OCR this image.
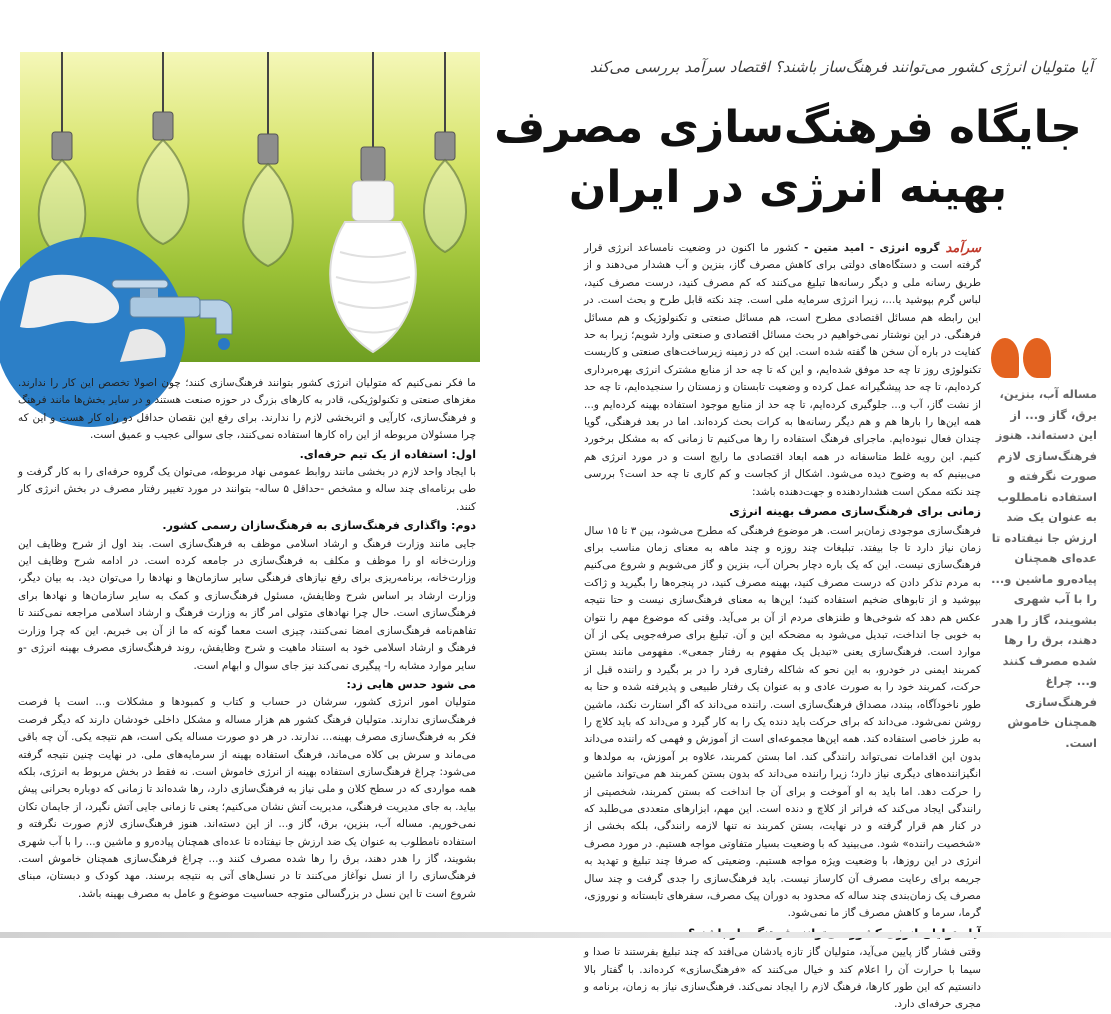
آیا متولیان انرژی کشور می‌توانند فرهنگ‌ساز باشند؟ اقتصاد سرآمد بررسی می‌کند
جایگاه فرهنگ‌سازی مصرف بهینه انرژی در ایران

مساله آب، بنزین، برق، گاز و... از این دسته‌اند. هنوز فرهنگ‌سازی لازم صورت نگرفته و استفاده نامطلوب به عنوان یک ضد ارزش جا نیفتاده تا عده‌ای همچنان پیاده‌رو ماشین و... را با آب شهری بشویند، گاز را هدر دهند، برق را رها شده مصرف کنند و... چراغ فرهنگ‌سازی همچنان خاموش است.

سرآمد
گروه انرژی - امید متین - کشور ما اکنون در وضعیت نامساعد انرژی قرار گرفته است و دستگاه‌های دولتی برای کاهش مصرف گاز، بنزین و آب هشدار می‌دهند و از طریق رسانه ملی و دیگر رسانه‌ها تبلیغ می‌کنند که کم مصرف کنید، درست مصرف کنید، لباس گرم بپوشید یا...، زیرا انرژی سرمایه ملی است. چند نکته قابل طرح و بحث است. در این رابطه هم مسائل اقتصادی مطرح است، هم مسائل صنعتی و تکنولوژیک و هم مسائل فرهنگی. در این نوشتار نمی‌خواهیم در بحث مسائل اقتصادی و صنعتی وارد شویم؛ زیرا به حد کفایت در باره آن سخن ها گفته شده است. این که در زمینه زیرساخت‌های صنعتی و کاربست تکنولوژی روز تا چه حد موفق شده‌ایم، و این که تا چه حد از منابع مشترک انرژی بهره‌برداری کرده‌ایم، تا چه حد پیشگیرانه عمل کرده و وضعیت تابستان و زمستان را سنجیده‌ایم، تا چه حد از نشت گاز، آب و... جلوگیری کرده‌ایم، تا چه حد از منابع موجود استفاده بهینه کرده‌ایم و... همه این‌ها را بارها هم و هم دیگر رسانه‌ها به کرات بحث کرده‌اند. اما در بعد فرهنگی، گویا چندان فعال نبوده‌ایم. ماجرای فرهنگ استفاده را رها می‌کنیم تا زمانی که به مشکل برخورد کنیم. این رویه غلط متاسفانه در همه ابعاد اقتصادی ما رایج است و در مورد انرژی هم می‌بینیم که به وضوح دیده می‌شود. اشکال از کجاست و کم کاری تا چه حد است؟ بررسی چند نکته ممکن است هشداردهنده و جهت‌دهنده باشد:

زمانی برای فرهنگ‌سازی مصرف بهینه انرژی

فرهنگ‌سازی موجودی زمان‌بر است. هر موضوع فرهنگی که مطرح می‌شود، بین ۳ تا ۱۵ سال زمان نیاز دارد تا جا بیفتد. تبلیغات چند روزه و چند ماهه به معنای زمان مناسب برای فرهنگ‌سازی نیست. این که یک باره دچار بحران آب، بنزین و گاز می‌شویم و شروع می‌کنیم به مردم تذکر دادن که درست مصرف کنید، بهینه مصرف کنید، در پنجره‌ها را بگیرید و ژاکت بپوشید و از تابوهای ضخیم استفاده کنید؛ این‌ها به معنای فرهنگ‌سازی نیست و حتا نتیجه عکس هم دهد که شوخی‌ها و طنزهای مردم از آن بر می‌آید. وقتی که موضوع مهم را نتوان به خوبی جا انداخت، تبدیل می‌شود به مضحکه این و آن. تبلیغ برای صرفه‌جویی یکی از آن موارد است. فرهنگ‌سازی یعنی «تبدیل یک مفهوم به رفتار جمعی». مفهومی مانند بستن کمربند ایمنی در خودرو، به این نحو که شاکله رفتاری فرد را در بر بگیرد و راننده قبل از حرکت، کمربند خود را به صورت عادی و به عنوان یک رفتار طبیعی و پذیرفته شده و حتا به طور ناخودآگاه، ببندد، مصداق فرهنگ‌سازی است. راننده می‌داند که اگر استارت نکند، ماشین روشن نمی‌شود. می‌داند که برای حرکت باید دنده یک را به کار گیرد و می‌داند که باید کلاچ را به طرز خاصی استفاده کند. همه این‌ها مجموعه‌ای است از آموزش و فهمی که راننده می‌داند بدون این اقدامات نمی‌تواند رانندگی کند. اما بستن کمربند، علاوه بر آموزش، به مولدها و انگیزاننده‌های دیگری نیاز دارد؛ زیرا راننده می‌داند که بدون بستن کمربند هم می‌تواند ماشین را حرکت دهد. اما باید به او آموخت و برای آن جا انداخت که بستن کمربند، شخصیتی از رانندگی ایجاد می‌کند که فراتر از کلاچ و دنده است. این مهم، ابزارهای متعددی می‌طلبد که در کنار هم قرار گرفته و در نهایت، بستن کمربند نه تنها لازمه رانندگی، بلکه بخشی از «شخصیت راننده» شود. می‌بینید که با وضعیت بسیار متفاوتی مواجه هستیم. در مورد مصرف انرژی در این روزها، با وضعیت ویژه مواجه هستیم. وضعیتی که صرفا چند تبلیغ و تهدید به جریمه برای رعایت مصرف آن کارساز نیست. باید فرهنگ‌سازی را جدی گرفت و چند سال مصرف یک زمان‌بندی چند ساله که محدود به دوران پیک مصرف، سفرهای تابستانه و نوروزی، گرما، سرما و کاهش مصرف گاز ما نمی‌شود.

وقتی فشار گاز پایین می‌آید، متولیان گاز تازه یادشان می‌افتد که چند تبلیغ بفرستند تا صدا و سیما با حرارت آن را اعلام کند و خیال می‌کنند که «فرهنگ‌سازی» کرده‌اند. با گفتار بالا دانستیم که این طور کارها، فرهنگ لازم را ایجاد نمی‌کند. فرهنگ‌سازی نیاز به زمان، برنامه و مجری حرفه‌ای دارد.

ما فکر نمی‌کنیم که متولیان انرژی کشور بتوانند فرهنگ‌سازی کنند؛ چون اصولا تخصص این کار را ندارند. مغزهای صنعتی و تکنولوژیکی، قادر به کارهای بزرگ در حوزه صنعت هستند و در سایر بخش‌ها مانند فرهنگ و فرهنگ‌سازی، کارآیی و اثربخشی لازم را ندارند. برای رفع این نقصان حداقل دو راه کار هست و این که چرا مسئولان مربوطه از این راه کارها استفاده نمی‌کنند، جای سوالی عجیب و عمیق است.

اول: استفاده از یک تیم حرفه‌ای.

با ایجاد واحد لازم در بخشی مانند روابط عمومی نهاد مربوطه، می‌توان یک گروه حرفه‌ای را به کار گرفت و طی برنامه‌ای چند ساله و مشخص -حداقل ۵ ساله- بتوانند در مورد تغییر رفتار مصرف در بخش انرژی کار کنند.

دوم: واگذاری فرهنگ‌سازی به فرهنگ‌سازان رسمی کشور.

جایی مانند وزارت فرهنگ و ارشاد اسلامی موظف به فرهنگ‌سازی است. بند اول از شرح وظایف این وزارت‌خانه او را موظف و مکلف به فرهنگ‌سازی در جامعه کرده است. در ادامه شرح وظایف این وزارت‌خانه، برنامه‌ریزی برای رفع نیازهای فرهنگی سایر سازمان‌ها و نهادها را می‌توان دید. به بیان دیگر، وزارت ارشاد بر اساس شرح وظایفش، مسئول فرهنگ‌سازی و کمک به سایر سازمان‌ها و نهادها برای فرهنگ‌سازی است. حال چرا نهادهای متولی امر گاز به وزارت فرهنگ و ارشاد اسلامی مراجعه نمی‌کنند تا تفاهم‌نامه فرهنگ‌سازی امضا نمی‌کنند، چیزی است معما گونه که ما از آن بی خبریم. این که چرا وزارت فرهنگ و ارشاد اسلامی خود به استناد ماهیت و شرح وظایفش، روند فرهنگ‌سازی مصرف بهینه انرژی -و سایر موارد مشابه را- پیگیری نمی‌کند نیز جای سوال و ابهام است.

می شود حدس هایی زد:

متولیان امور انرژی کشور، سرشان در حساب و کتاب و کمبودها و مشکلات و... است یا فرصت فرهنگ‌سازی ندارند. متولیان فرهنگ کشور هم هزار مساله و مشکل داخلی خودشان دارند که دیگر فرصت فکر به فرهنگ‌سازی مصرف بهینه... ندارند. در هر دو صورت مساله یکی است، هم نتیجه یکی. آن چه باقی می‌ماند و سرش بی کلاه می‌ماند، فرهنگ استفاده بهینه از سرمایه‌های ملی. در نهایت چنین نتیجه گرفته می‌شود: چراغ فرهنگ‌سازی استفاده بهینه از انرژی خاموش است. نه فقط در بخش مربوط به انرژی، بلکه همه مواردی که در سطح کلان و ملی نیاز به فرهنگ‌سازی دارد، رها شده‌اند تا زمانی که دوباره بحرانی پیش بیاید. به جای مدیریت فرهنگی، مدیریت آتش نشان می‌کنیم؛ یعنی تا زمانی جایی آتش نگیرد، از جایمان تکان نمی‌خوریم. مساله آب، بنزین، برق، گاز و... از این دسته‌اند. هنوز فرهنگ‌سازی لازم صورت نگرفته و استفاده نامطلوب به عنوان یک ضد ارزش جا نیفتاده تا عده‌ای همچنان پیاده‌رو و ماشین و... را با آب شهری بشویند، گاز را هدر دهند، برق را رها شده مصرف کنند و... چراغ فرهنگ‌سازی همچنان خاموش است. فرهنگ‌سازی را از نسل نوآغاز می‌کنند تا در نسل‌های آتی به نتیجه برسند. مهد کودک و دبستان، مبنای شروع است تا این نسل در بزرگسالی متوجه حساسیت موضوع و عامل به مصرف بهینه باشد.
